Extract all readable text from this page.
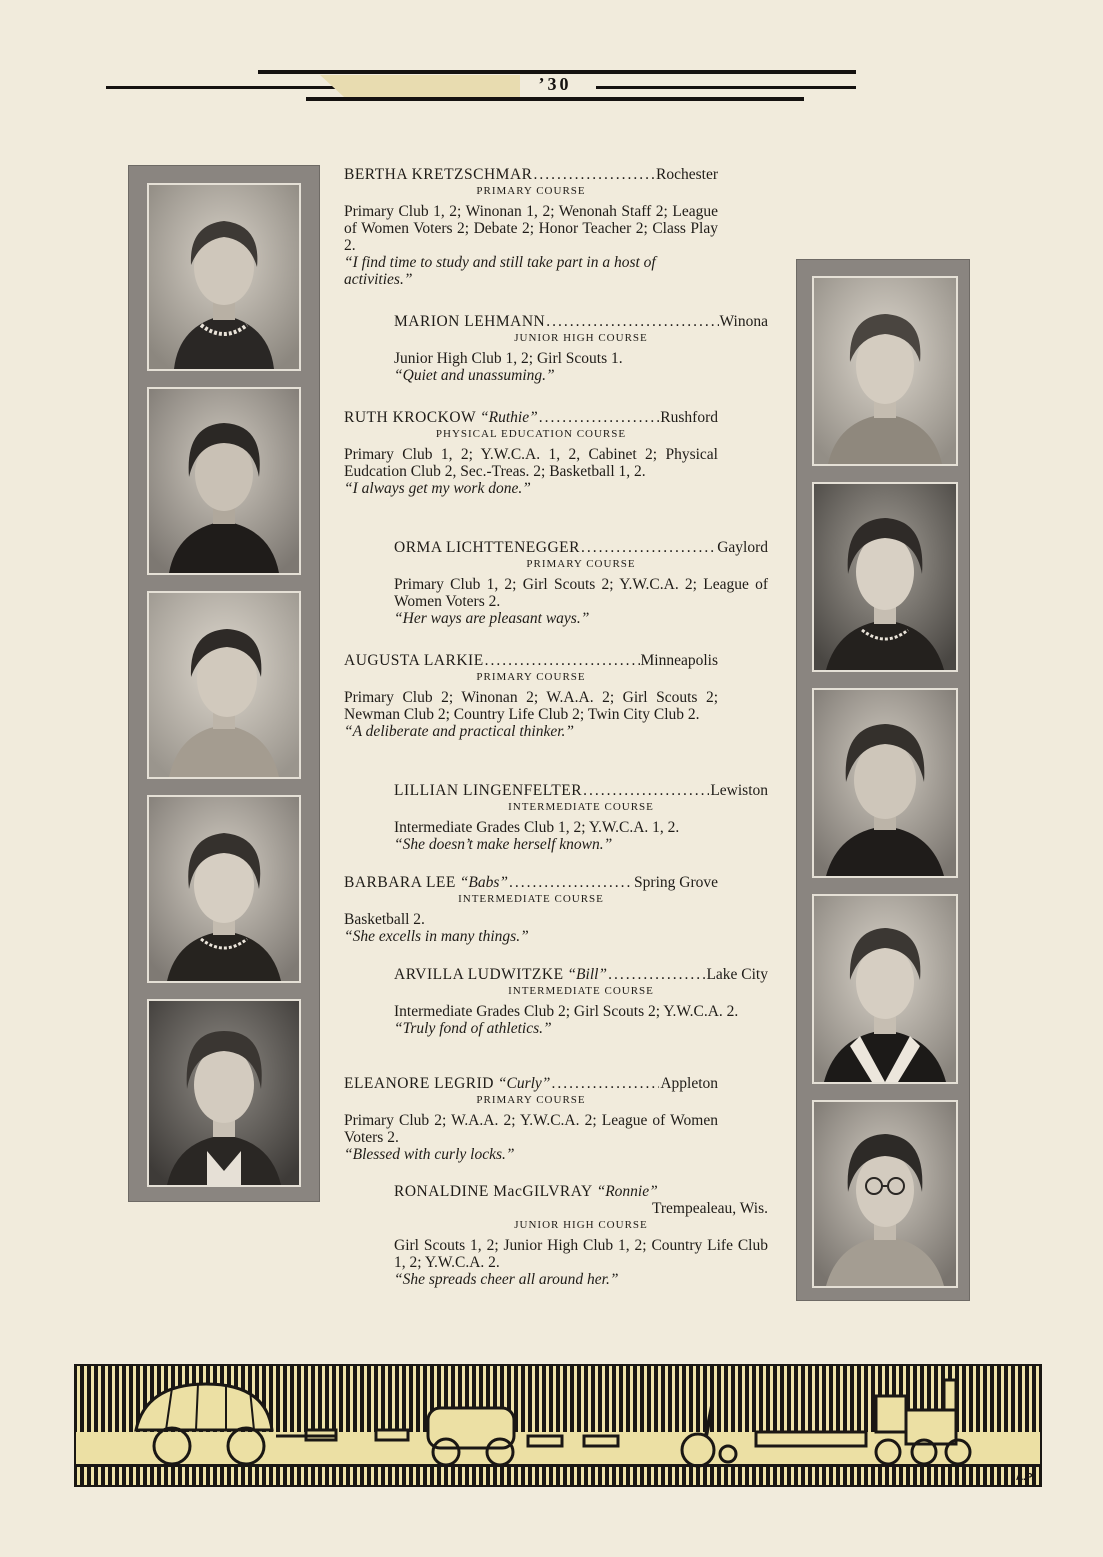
’30
BERTHA KRETZSCHMAR .....	Rochester
PRIMARY COURSE
Primary Club 1, 2; Winonan 1, 2; Wenonah Staff 2; League of Women Voters 2; Debate 2; Honor Teacher 2; Class Play 2.
“I find time to study and still take part in a host of activities.”
MARION LEHMANN .....	Winona
JUNIOR HIGH COURSE
Junior High Club 1, 2; Girl Scouts 1.
“Quiet and unassuming.”
RUTH KROCKOW “Ruthie” .....	Rushford
PHYSICAL EDUCATION COURSE
Primary Club 1, 2; Y.W.C.A. 1, 2, Cabinet 2; Physical Eudcation Club 2, Sec.-Treas. 2; Basketball 1, 2.
“I always get my work done.”
ORMA LICHTTENEGGER .....	Gaylord
PRIMARY COURSE
Primary Club 1, 2; Girl Scouts 2; Y.W.C.A. 2; League of Women Voters 2.
“Her ways are pleasant ways.”
AUGUSTA LARKIE .....	Minneapolis
PRIMARY COURSE
Primary Club 2; Winonan 2; W.A.A. 2; Girl Scouts 2; Newman Club 2; Country Life Club 2; Twin City Club 2.
“A deliberate and practical thinker.”
LILLIAN LINGENFELTER .....	Lewiston
INTERMEDIATE COURSE
Intermediate Grades Club 1, 2; Y.W.C.A. 1, 2.
“She doesn’t make herself known.”
BARBARA LEE “Babs” .....	Spring Grove
INTERMEDIATE COURSE
Basketball 2.
“She excells in many things.”
ARVILLA LUDWITZKE “Bill” .....	Lake City
INTERMEDIATE COURSE
Intermediate Grades Club 2; Girl Scouts 2; Y.W.C.A. 2.
“Truly fond of athletics.”
ELEANORE LEGRID “Curly” .....	Appleton
PRIMARY COURSE
Primary Club 2; W.A.A. 2; Y.W.C.A. 2; League of Women Voters 2.
“Blessed with curly locks.”
RONALDINE MacGILVRAY “Ronnie”
Trempealeau, Wis.
JUNIOR HIGH COURSE
Girl Scouts 1, 2; Junior High Club 1, 2; Country Life Club 1, 2; Y.W.C.A. 2.
“She spreads cheer all around her.”
A.P.
